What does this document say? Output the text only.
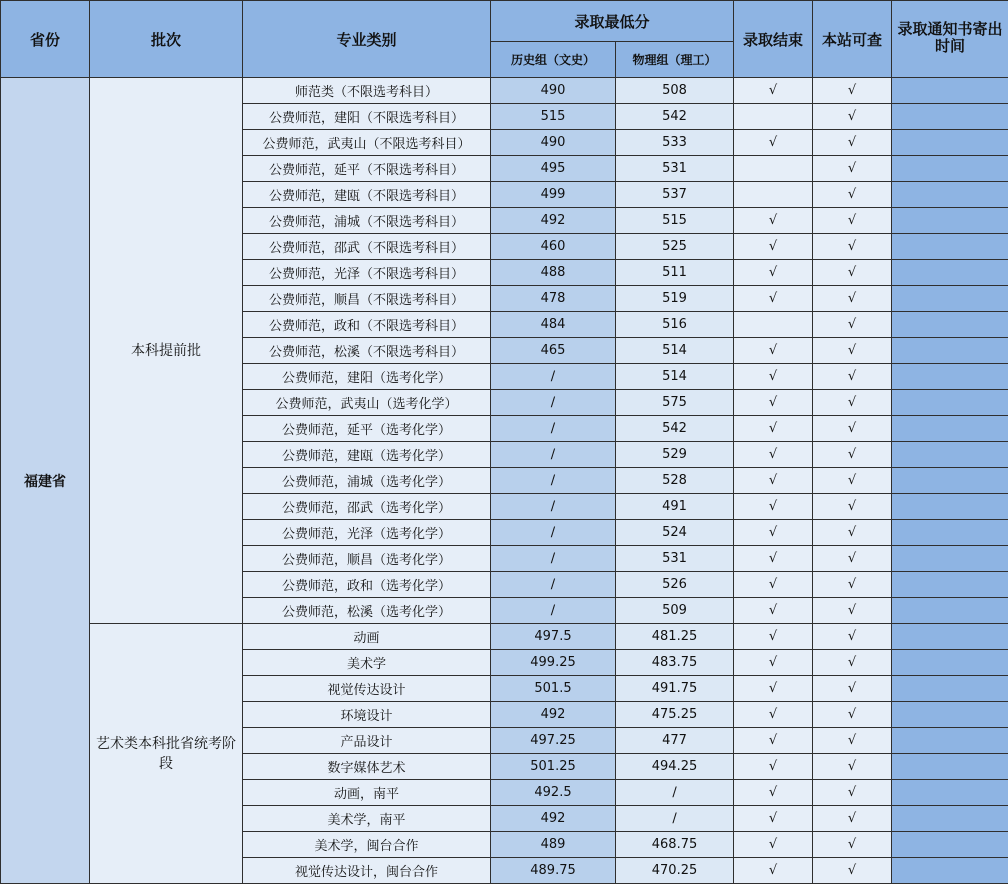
省份	批次	专业类别	录取最低分		录取结束	本站可查	录取通知书寄出时间
			历史组（文史）	物理组（理工）			
福建省	本科提前批	师范类（不限选考科目）	490	508	√	√	
		公费师范，建阳（不限选考科目）	515	542		√	
		公费师范，武夷山（不限选考科目）	490	533	√	√	
		公费师范，延平（不限选考科目）	495	531		√	
		公费师范，建瓯（不限选考科目）	499	537		√	
		公费师范，浦城（不限选考科目）	492	515	√	√	
		公费师范，邵武（不限选考科目）	460	525	√	√	
		公费师范，光泽（不限选考科目）	488	511	√	√	
		公费师范，顺昌（不限选考科目）	478	519	√	√	
		公费师范，政和（不限选考科目）	484	516		√	
		公费师范，松溪（不限选考科目）	465	514	√	√	
		公费师范，建阳（选考化学）	∕	514	√	√	
		公费师范，武夷山（选考化学）	∕	575	√	√	
		公费师范，延平（选考化学）	∕	542	√	√	
		公费师范，建瓯（选考化学）	∕	529	√	√	
		公费师范，浦城（选考化学）	∕	528	√	√	
		公费师范，邵武（选考化学）	∕	491	√	√	
		公费师范，光泽（选考化学）	∕	524	√	√	
		公费师范，顺昌（选考化学）	∕	531	√	√	
		公费师范，政和（选考化学）	∕	526	√	√	
		公费师范，松溪（选考化学）	∕	509	√	√	
	艺术类本科批省统考阶段	动画	497.5	481.25	√	√	
		美术学	499.25	483.75	√	√	
		视觉传达设计	501.5	491.75	√	√	
		环境设计	492	475.25	√	√	
		产品设计	497.25	477	√	√	
		数字媒体艺术	501.25	494.25	√	√	
		动画，南平	492.5	∕	√	√	
		美术学，南平	492	∕	√	√	
		美术学，闽台合作	489	468.75	√	√	
		视觉传达设计，闽台合作	489.75	470.25	√	√	
